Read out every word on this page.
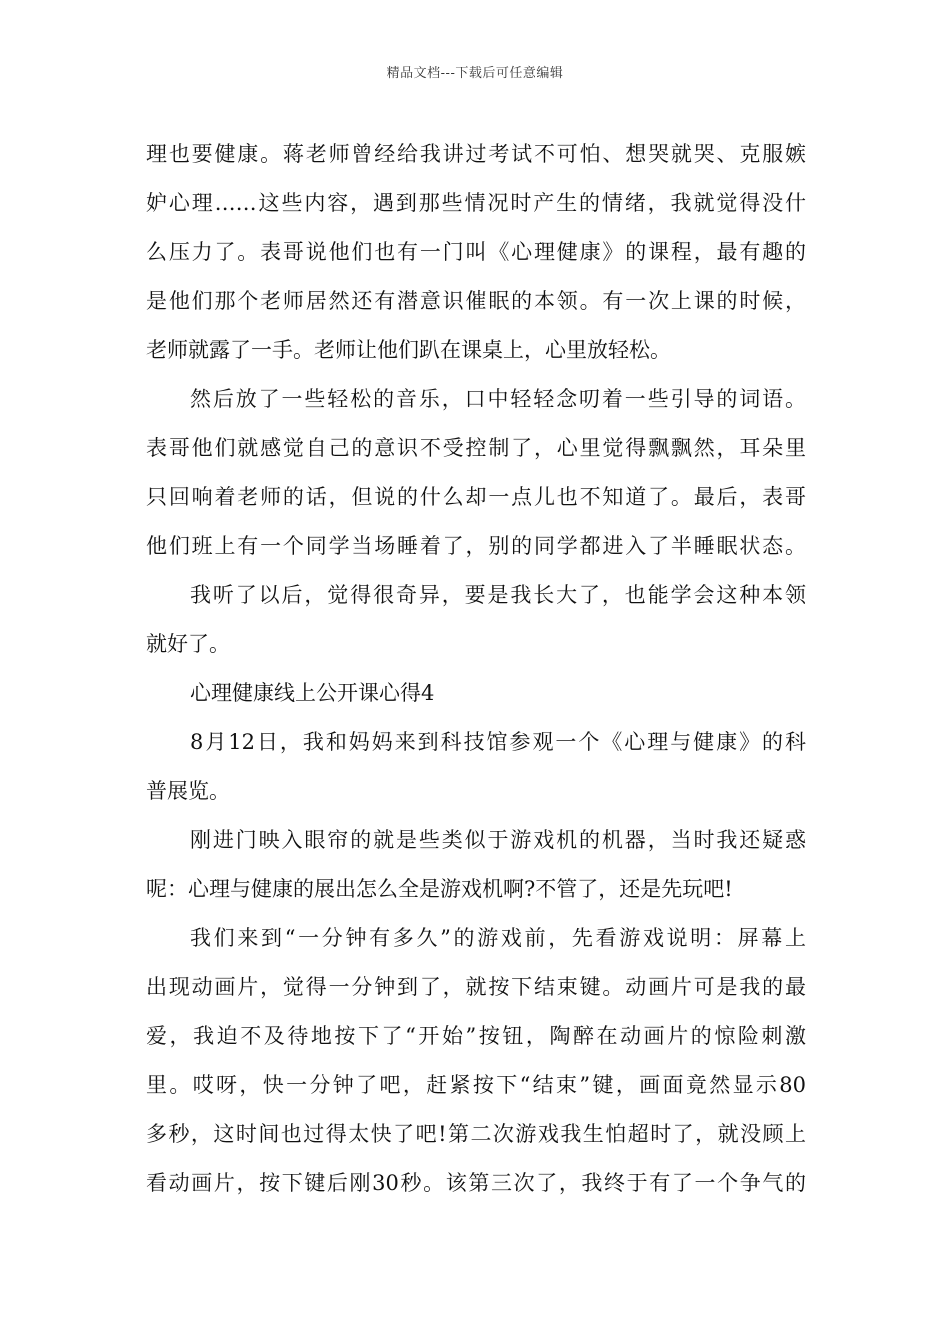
精品文档---下载后可任意编辑
理也要健康。蒋老师曾经给我讲过考试不可怕、想哭就哭、克服嫉
妒心理……这些内容，遇到那些情况时产生的情绪，我就觉得没什
么压力了。表哥说他们也有一门叫《心理健康》的课程，最有趣的
是他们那个老师居然还有潜意识催眠的本领。有一次上课的时候，
老师就露了一手。老师让他们趴在课桌上，心里放轻松。
然后放了一些轻松的音乐，口中轻轻念叨着一些引导的词语。
表哥他们就感觉自己的意识不受控制了，心里觉得飘飘然，耳朵里
只回响着老师的话，但说的什么却一点儿也不知道了。最后，表哥
他们班上有一个同学当场睡着了，别的同学都进入了半睡眠状态。
我听了以后，觉得很奇异，要是我长大了，也能学会这种本领
就好了。
心理健康线上公开课心得4
8月12日，我和妈妈来到科技馆参观一个《心理与健康》的科
普展览。
刚进门映入眼帘的就是些类似于游戏机的机器，当时我还疑惑
呢：心理与健康的展出怎么全是游戏机啊?不管了，还是先玩吧!
我们来到“一分钟有多久”的游戏前，先看游戏说明：屏幕上
出现动画片，觉得一分钟到了，就按下结束键。动画片可是我的最
爱，我迫不及待地按下了“开始”按钮，陶醉在动画片的惊险刺激
里。哎呀，快一分钟了吧，赶紧按下“结束”键，画面竟然显示80
多秒，这时间也过得太快了吧!第二次游戏我生怕超时了，就没顾上
看动画片，按下键后刚30秒。该第三次了，我终于有了一个争气的
